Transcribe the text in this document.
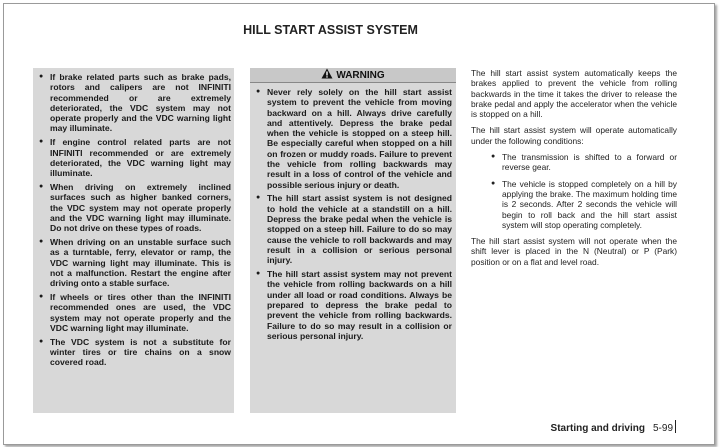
HILL START ASSIST SYSTEM
● If brake related parts such as brake pads, rotors and calipers are not INFINITI recommended or are extremely deteriorated, the VDC system may not operate properly and the VDC warning light may illuminate.
● If engine control related parts are not INFINITI recommended or are extremely deteriorated, the VDC warning light may illuminate.
● When driving on extremely inclined surfaces such as higher banked corners, the VDC system may not operate properly and the VDC warning light may illuminate. Do not drive on these types of roads.
● When driving on an unstable surface such as a turntable, ferry, elevator or ramp, the VDC warning light may illuminate. This is not a malfunction. Restart the engine after driving onto a stable surface.
● If wheels or tires other than the INFINITI recommended ones are used, the VDC system may not operate properly and the VDC warning light may illuminate.
● The VDC system is not a substitute for winter tires or tire chains on a snow covered road.
WARNING
● Never rely solely on the hill start assist system to prevent the vehicle from moving backward on a hill. Always drive carefully and attentively. Depress the brake pedal when the vehicle is stopped on a steep hill. Be especially careful when stopped on a hill on frozen or muddy roads. Failure to prevent the vehicle from rolling backwards may result in a loss of control of the vehicle and possible serious injury or death.
● The hill start assist system is not designed to hold the vehicle at a standstill on a hill. Depress the brake pedal when the vehicle is stopped on a steep hill. Failure to do so may cause the vehicle to roll backwards and may result in a collision or serious personal injury.
● The hill start assist system may not prevent the vehicle from rolling backwards on a hill under all load or road conditions. Always be prepared to depress the brake pedal to prevent the vehicle from rolling backwards. Failure to do so may result in a collision or serious personal injury.

The hill start assist system automatically keeps the brakes applied to prevent the vehicle from rolling backwards in the time it takes the driver to release the brake pedal and apply the accelerator when the vehicle is stopped on a hill.

The hill start assist system will operate automatically under the following conditions:

● The transmission is shifted to a forward or reverse gear.
● The vehicle is stopped completely on a hill by applying the brake. The maximum holding time is 2 seconds. After 2 seconds the vehicle will begin to roll back and the hill start assist system will stop operating completely.

The hill start assist system will not operate when the shift lever is placed in the N (Neutral) or P (Park) position or on a flat and level road.

Starting and driving 5-99
